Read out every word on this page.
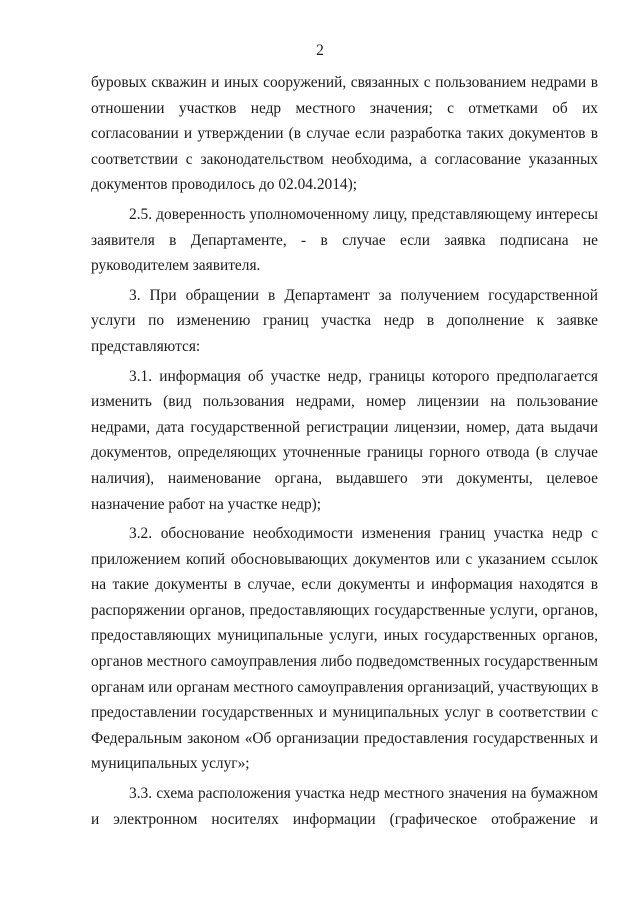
2
буровых скважин и иных сооружений, связанных с пользованием недрами в
отношении участков недр местного значения; с отметками об их
согласовании и утверждении (в случае если разработка таких документов в
соответствии с законодательством необходима, а согласование указанных
документов проводилось до 02.04.2014);
2.5. доверенность уполномоченному лицу, представляющему интересы
заявителя в Департаменте, - в случае если заявка подписана не
руководителем заявителя.
3. При обращении в Департамент за получением государственной
услуги по изменению границ участка недр в дополнение к заявке
представляются:
3.1. информация об участке недр, границы которого предполагается
изменить (вид пользования недрами, номер лицензии на пользование
недрами, дата государственной регистрации лицензии, номер, дата выдачи
документов, определяющих уточненные границы горного отвода (в случае
наличия), наименование органа, выдавшего эти документы, целевое
назначение работ на участке недр);
3.2. обоснование необходимости изменения границ участка недр с
приложением копий обосновывающих документов или с указанием ссылок
на такие документы в случае, если документы и информация находятся в
распоряжении органов, предоставляющих государственные услуги, органов,
предоставляющих муниципальные услуги, иных государственных органов,
органов местного самоуправления либо подведомственных государственным
органам или органам местного самоуправления организаций, участвующих в
предоставлении государственных и муниципальных услуг в соответствии с
Федеральным законом «Об организации предоставления государственных и
муниципальных услуг»;
3.3. схема расположения участка недр местного значения на бумажном
и электронном носителях информации (графическое отображение и
